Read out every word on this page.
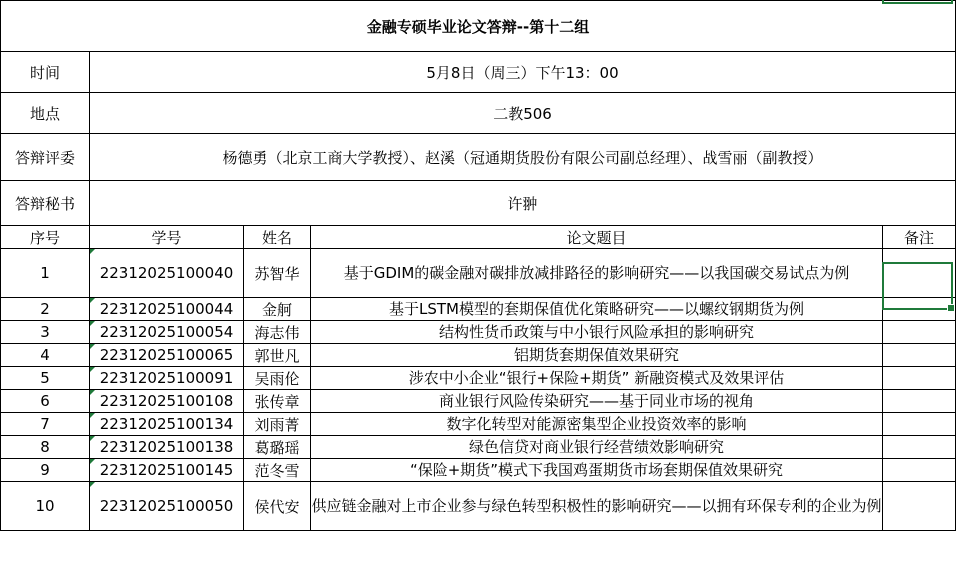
金融专硕毕业论文答辩--第十二组				
时间	5月8日（周三）下午13：00			
地点	二教506			
答辩评委	杨德勇（北京工商大学教授）、赵溪（冠通期货股份有限公司副总经理）、战雪丽（副教授）			
答辩秘书	许翀			
序号	学号	姓名	论文题目	备注
1	22312025100040	苏智华	基于GDIM的碳金融对碳排放减排路径的影响研究——以我国碳交易试点为例	
2	22312025100044	金舸	基于LSTM模型的套期保值优化策略研究——以螺纹钢期货为例	
3	22312025100054	海志伟	结构性货币政策与中小银行风险承担的影响研究	
4	22312025100065	郭世凡	铝期货套期保值效果研究	
5	22312025100091	吴雨伦	涉农中小企业“银行+保险+期货” 新融资模式及效果评估	
6	22312025100108	张传章	商业银行风险传染研究——基于同业市场的视角	
7	22312025100134	刘雨菁	数字化转型对能源密集型企业投资效率的影响	
8	22312025100138	葛璐瑶	绿色信贷对商业银行经营绩效影响研究	
9	22312025100145	范冬雪	“保险+期货”模式下我国鸡蛋期货市场套期保值效果研究	
10	22312025100050	侯代安	供应链金融对上市企业参与绿色转型积极性的影响研究——以拥有环保专利的企业为例	
